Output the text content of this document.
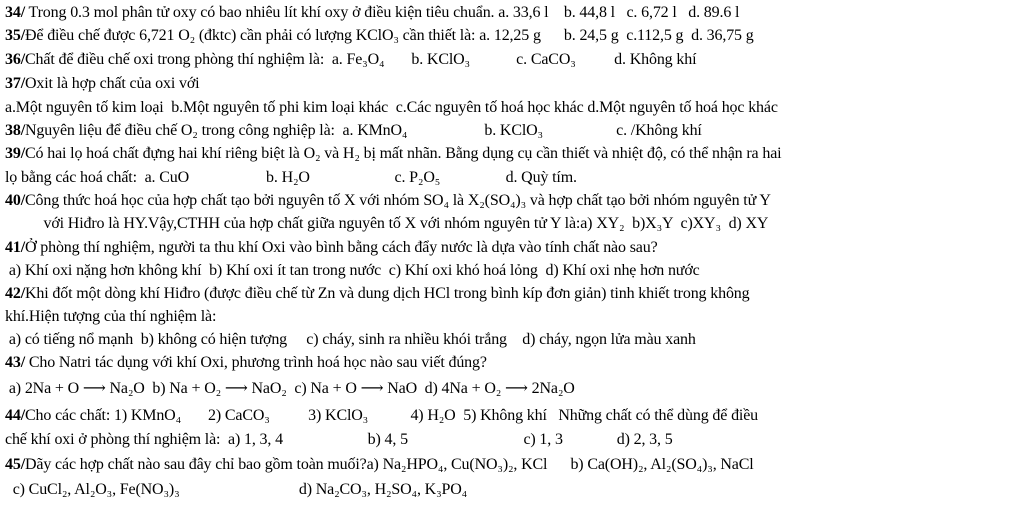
34/ Trong 0.3 mol phân tử oxy có bao nhiêu lít khí oxy ở điều kiện tiêu chuẩn. a. 33,6 l    b. 44,8 l   c. 6,72 l   d. 89.6 l
35/Để điều chế được 6,721 O₂ (đktc) cần phải có lượng KClO₃ cần thiết là: a. 12,25 g      b. 24,5 g  c.112,5 g  d. 36,75 g
36/Chất để điều chế oxi trong phòng thí nghiệm là:  a. Fe₃O₄       b. KClO₃            c. CaCO₃          d. Không khí
37/Oxit là hợp chất của oxi với
a.Một nguyên tố kim loại  b.Một nguyên tố phi kim loại khác  c.Các nguyên tố hoá học khác d.Một nguyên tố hoá học khác
38/Nguyên liệu để điều chế O₂ trong công nghiệp là:  a. KMnO₄                    b. KClO₃                   c. /Không khí
39/Có hai lọ hoá chất đựng hai khí riêng biệt là O₂ và H₂ bị mất nhãn. Bằng dụng cụ cần thiết và nhiệt độ, có thể nhận ra hai
lọ bằng các hoá chất:  a. CuO                    b. H₂O                      c. P₂O₅                 d. Quỳ tím.
40/Công thức hoá học của hợp chất tạo bởi nguyên tố X với nhóm SO₄ là X₂(SO₄)₃ và hợp chất tạo bởi nhóm nguyên tử Y
với Hiđro là HY.Vậy,CTHH của hợp chất giữa nguyên tố X với nhóm nguyên tử Y là:a) XY₂  b)X₃Y  c)XY₃  d) XY
41/Ở phòng thí nghiệm, người ta thu khí Oxi vào bình bằng cách đẩy nước là dựa vào tính chất nào sau?
a) Khí oxi nặng hơn không khí  b) Khí oxi ít tan trong nước  c) Khí oxi khó hoá lỏng  d) Khí oxi nhẹ hơn nước
42/Khi đốt một dòng khí Hiđro (được điều chế từ Zn và dung dịch HCl trong bình kíp đơn giản) tinh khiết trong không
khí.Hiện tượng của thí nghiệm là:
a) có tiếng nổ mạnh  b) không có hiện tượng     c) cháy, sinh ra nhiều khói trắng    d) cháy, ngọn lửa màu xanh
43/ Cho Natri tác dụng với khí Oxi, phương trình hoá học nào sau viết đúng?
a) 2Na + O ⟶ Na₂O  b) Na + O₂ ⟶ NaO₂  c) Na + O ⟶ NaO  d) 4Na + O₂ ⟶ 2Na₂O
44/Cho các chất: 1) KMnO₄       2) CaCO₃          3) KClO₃           4) H₂O  5) Không khí   Những chất có thể dùng để điều
chế khí oxi ở phòng thí nghiệm là:  a) 1, 3, 4                      b) 4, 5                              c) 1, 3              d) 2, 3, 5
45/Dãy các hợp chất nào sau đây chỉ bao gồm toàn muối?a) Na₂HPO₄, Cu(NO₃)₂, KCl      b) Ca(OH)₂, Al₂(SO₄)₃, NaCl
c) CuCl₂, Al₂O₃, Fe(NO₃)₃                               d) Na₂CO₃, H₂SO₄, K₃PO₄
